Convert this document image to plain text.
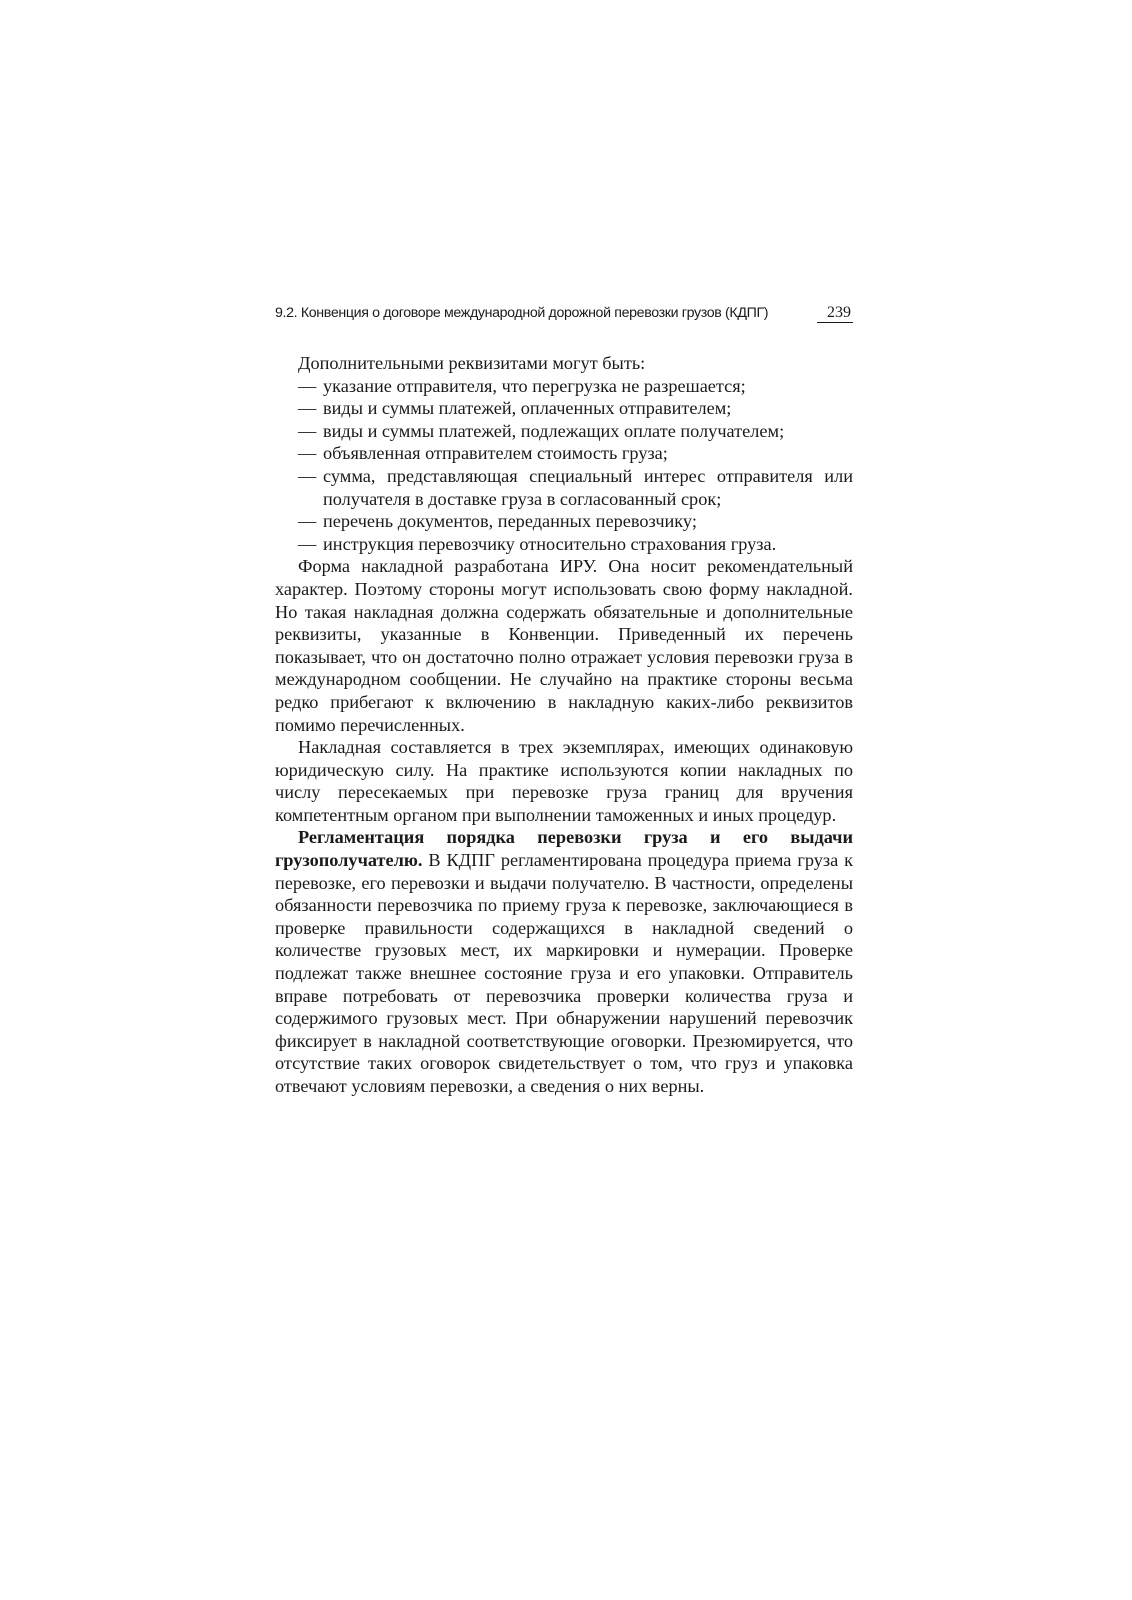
9.2. Конвенция о договоре международной дорожной перевозки грузов (КДПГ)	239

Дополнительными реквизитами могут быть:

— указание отправителя, что перегрузка не разрешается;
— виды и суммы платежей, оплаченных отправителем;
— виды и суммы платежей, подлежащих оплате получателем;
— объявленная отправителем стоимость груза;
— сумма, представляющая специальный интерес отправителя или получателя в доставке груза в согласованный срок;
— перечень документов, переданных перевозчику;
— инструкция перевозчику относительно страхования груза.

Форма накладной разработана ИРУ. Она носит рекомендательный характер. Поэтому стороны могут использовать свою форму накладной. Но такая накладная должна содержать обязательные и дополнительные реквизиты, указанные в Конвенции. Приведенный их перечень показывает, что он достаточно полно отражает условия перевозки груза в международном сообщении. Не случайно на практике стороны весьма редко прибегают к включению в накладную каких-либо реквизитов помимо перечисленных.

Накладная составляется в трех экземплярах, имеющих одинаковую юридическую силу. На практике используются копии накладных по числу пересекаемых при перевозке груза границ для вручения компетентным органом при выполнении таможенных и иных процедур.

Регламентация порядка перевозки груза и его выдачи грузополучателю. В КДПГ регламентирована процедура приема груза к перевозке, его перевозки и выдачи получателю. В частности, определены обязанности перевозчика по приему груза к перевозке, заключающиеся в проверке правильности содержащихся в накладной сведений о количестве грузовых мест, их маркировки и нумерации. Проверке подлежат также внешнее состояние груза и его упаковки. Отправитель вправе потребовать от перевозчика проверки количества груза и содержимого грузовых мест. При обнаружении нарушений перевозчик фиксирует в накладной соответствующие оговорки. Презюмируется, что отсутствие таких оговорок свидетельствует о том, что груз и упаковка отвечают условиям перевозки, а сведения о них верны.
